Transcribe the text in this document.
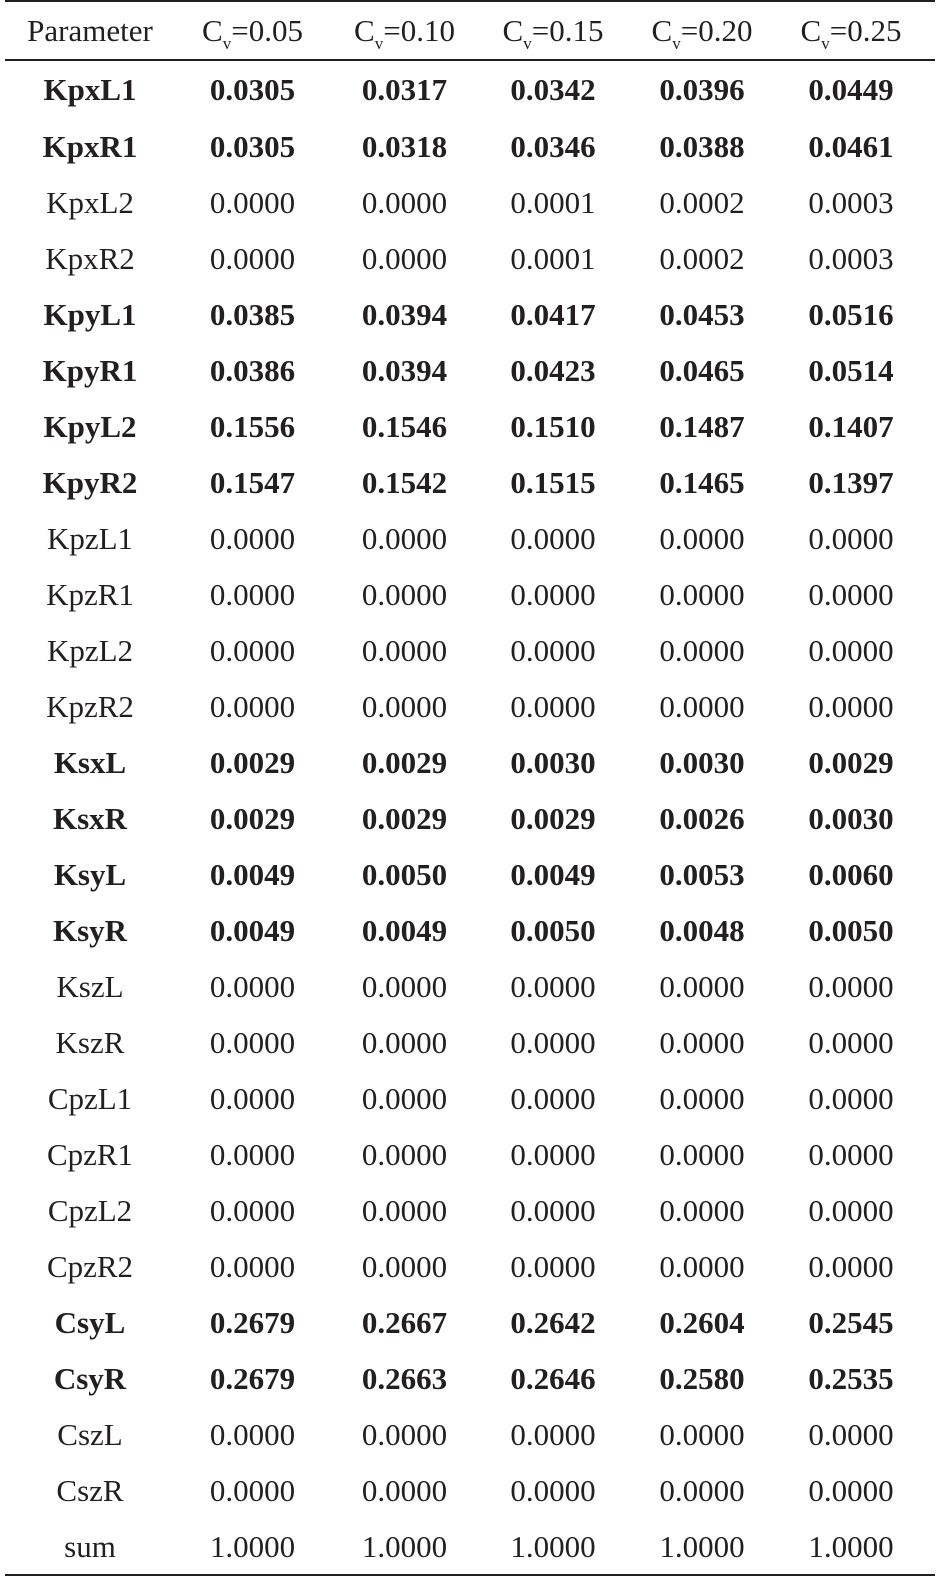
Parameter	$C_v=0.05$	$C_v=0.10$	$C_v=0.15$	$C_v=0.20$	$C_v=0.25$
KpxL1	0.0305	0.0317	0.0342	0.0396	0.0449
KpxR1	0.0305	0.0318	0.0346	0.0388	0.0461
KpxL2	0.0000	0.0000	0.0001	0.0002	0.0003
KpxR2	0.0000	0.0000	0.0001	0.0002	0.0003
KpyL1	0.0385	0.0394	0.0417	0.0453	0.0516
KpyR1	0.0386	0.0394	0.0423	0.0465	0.0514
KpyL2	0.1556	0.1546	0.1510	0.1487	0.1407
KpyR2	0.1547	0.1542	0.1515	0.1465	0.1397
KpzL1	0.0000	0.0000	0.0000	0.0000	0.0000
KpzR1	0.0000	0.0000	0.0000	0.0000	0.0000
KpzL2	0.0000	0.0000	0.0000	0.0000	0.0000
KpzR2	0.0000	0.0000	0.0000	0.0000	0.0000
KsxL	0.0029	0.0029	0.0030	0.0030	0.0029
KsxR	0.0029	0.0029	0.0029	0.0026	0.0030
KsyL	0.0049	0.0050	0.0049	0.0053	0.0060
KsyR	0.0049	0.0049	0.0050	0.0048	0.0050
KszL	0.0000	0.0000	0.0000	0.0000	0.0000
KszR	0.0000	0.0000	0.0000	0.0000	0.0000
CpzL1	0.0000	0.0000	0.0000	0.0000	0.0000
CpzR1	0.0000	0.0000	0.0000	0.0000	0.0000
CpzL2	0.0000	0.0000	0.0000	0.0000	0.0000
CpzR2	0.0000	0.0000	0.0000	0.0000	0.0000
CsyL	0.2679	0.2667	0.2642	0.2604	0.2545
CsyR	0.2679	0.2663	0.2646	0.2580	0.2535
CszL	0.0000	0.0000	0.0000	0.0000	0.0000
CszR	0.0000	0.0000	0.0000	0.0000	0.0000
sum	1.0000	1.0000	1.0000	1.0000	1.0000
